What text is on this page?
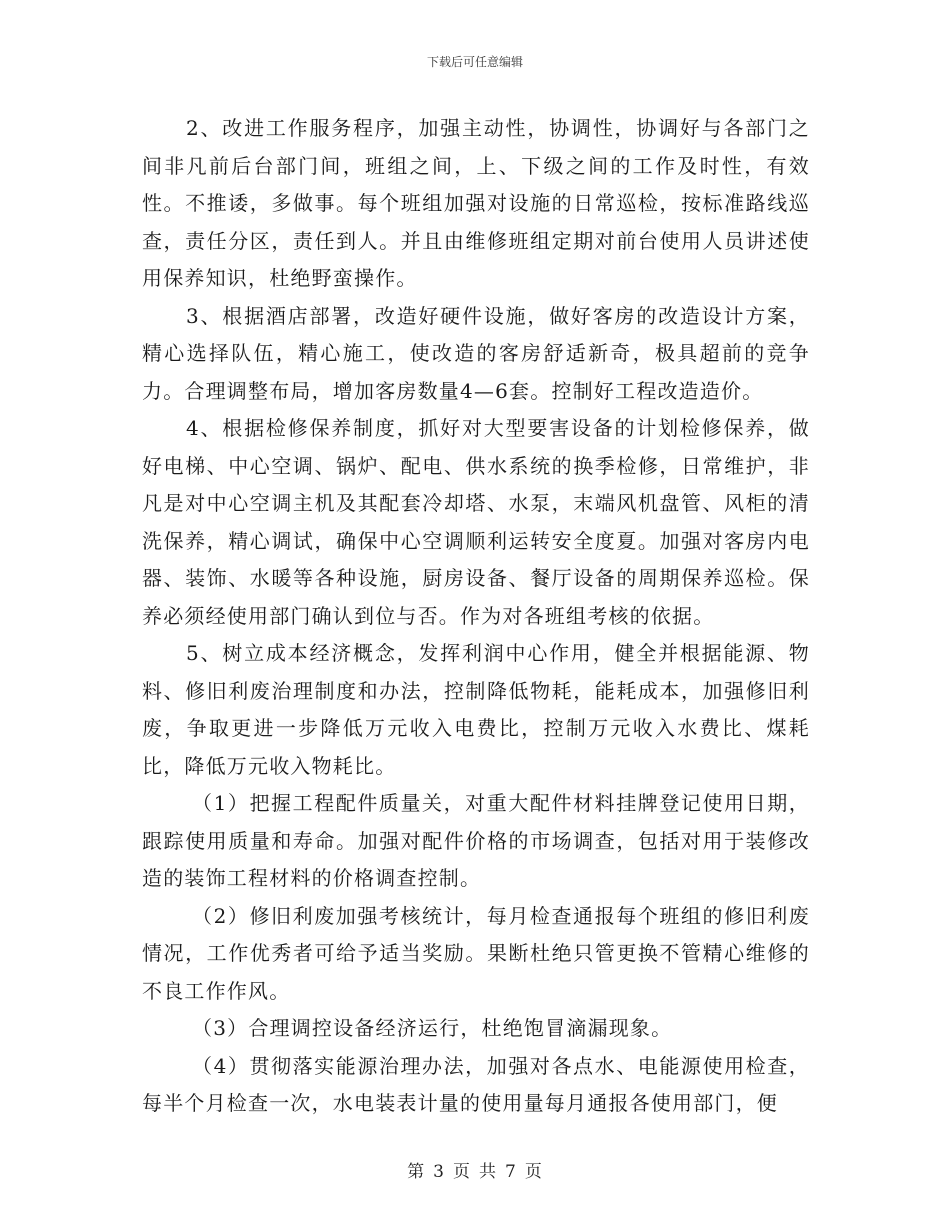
下载后可任意编辑

2、改进工作服务程序，加强主动性，协调性，协调好与各部门之间非凡前后台部门间，班组之间，上、下级之间的工作及时性，有效性。不推诿，多做事。每个班组加强对设施的日常巡检，按标准路线巡查，责任分区，责任到人。并且由维修班组定期对前台使用人员讲述使用保养知识，杜绝野蛮操作。

3、根据酒店部署，改造好硬件设施，做好客房的改造设计方案，精心选择队伍，精心施工，使改造的客房舒适新奇，极具超前的竞争力。合理调整布局，增加客房数量4—6套。控制好工程改造造价。

4、根据检修保养制度，抓好对大型要害设备的计划检修保养，做好电梯、中心空调、锅炉、配电、供水系统的换季检修，日常维护，非凡是对中心空调主机及其配套冷却塔、水泵，末端风机盘管、风柜的清洗保养，精心调试，确保中心空调顺利运转安全度夏。加强对客房内电器、装饰、水暖等各种设施，厨房设备、餐厅设备的周期保养巡检。保养必须经使用部门确认到位与否。作为对各班组考核的依据。

5、树立成本经济概念，发挥利润中心作用，健全并根据能源、物料、修旧利废治理制度和办法，控制降低物耗，能耗成本，加强修旧利废，争取更进一步降低万元收入电费比，控制万元收入水费比、煤耗比，降低万元收入物耗比。

（1）把握工程配件质量关，对重大配件材料挂牌登记使用日期，跟踪使用质量和寿命。加强对配件价格的市场调查，包括对用于装修改造的装饰工程材料的价格调查控制。

（2）修旧利废加强考核统计，每月检查通报每个班组的修旧利废情况，工作优秀者可给予适当奖励。果断杜绝只管更换不管精心维修的不良工作作风。

（3）合理调控设备经济运行，杜绝饱冒滴漏现象。

（4）贯彻落实能源治理办法，加强对各点水、电能源使用检查，每半个月检查一次，水电装表计量的使用量每月通报各使用部门，便

第 3 页 共 7 页
